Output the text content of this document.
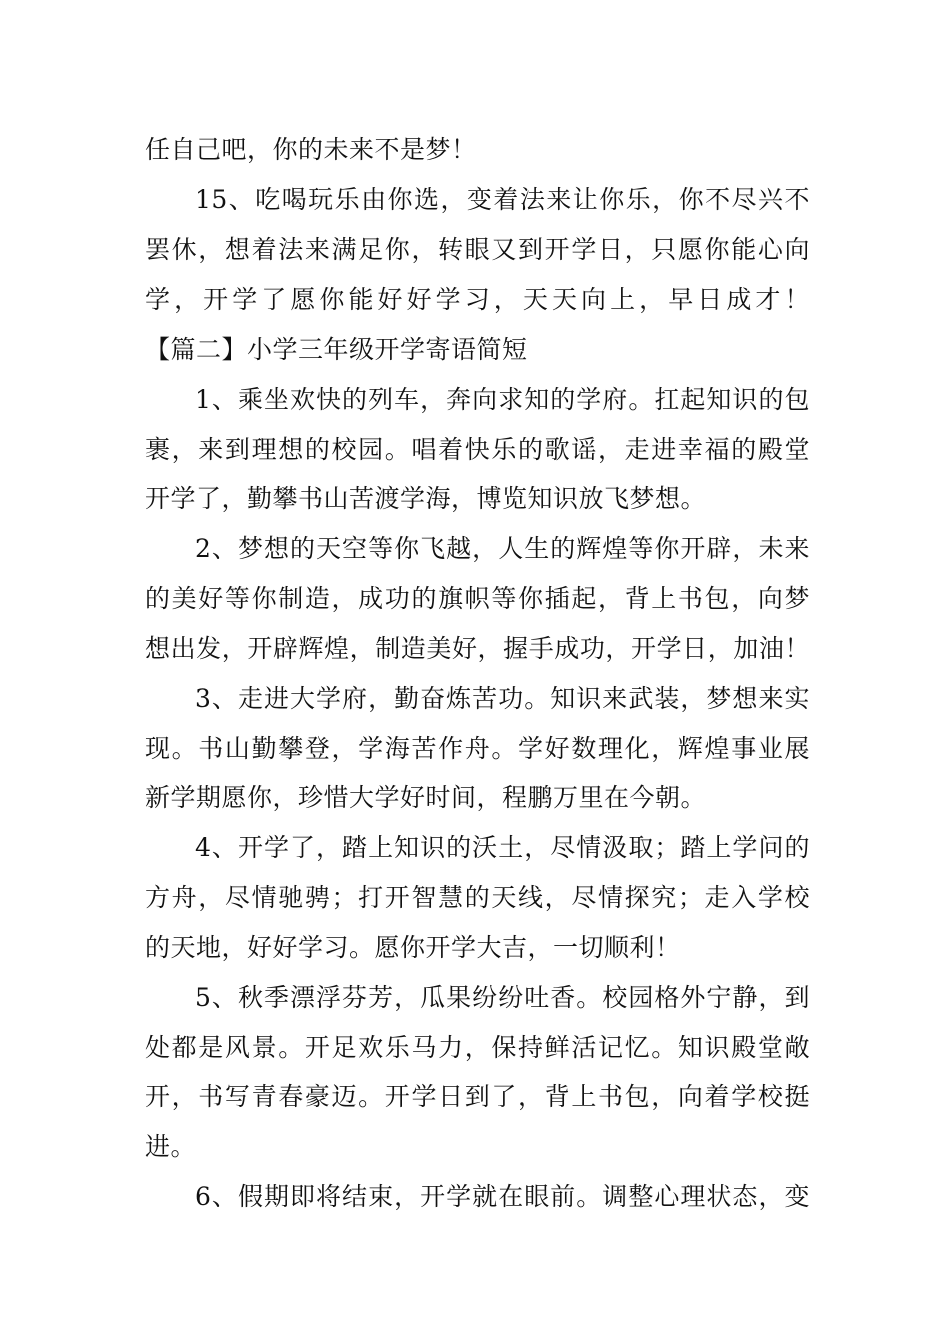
任自己吧，你的未来不是梦！
15、吃喝玩乐由你选，变着法来让你乐，你不尽兴不
罢休，想着法来满足你，转眼又到开学日，只愿你能心向
学，开学了愿你能好好学习，天天向上，早日成才！
【篇二】小学三年级开学寄语简短
1、乘坐欢快的列车，奔向求知的学府。扛起知识的包
裹，来到理想的校园。唱着快乐的歌谣，走进幸福的殿堂
开学了，勤攀书山苦渡学海，博览知识放飞梦想。
2、梦想的天空等你飞越，人生的辉煌等你开辟，未来
的美好等你制造，成功的旗帜等你插起，背上书包，向梦
想出发，开辟辉煌，制造美好，握手成功，开学日，加油！
3、走进大学府，勤奋炼苦功。知识来武装，梦想来实
现。书山勤攀登，学海苦作舟。学好数理化，辉煌事业展
新学期愿你，珍惜大学好时间，程鹏万里在今朝。
4、开学了，踏上知识的沃土，尽情汲取；踏上学问的
方舟，尽情驰骋；打开智慧的天线，尽情探究；走入学校
的天地，好好学习。愿你开学大吉，一切顺利！
5、秋季漂浮芬芳，瓜果纷纷吐香。校园格外宁静，到
处都是风景。开足欢乐马力，保持鲜活记忆。知识殿堂敞
开，书写青春豪迈。开学日到了，背上书包，向着学校挺
进。
6、假期即将结束，开学就在眼前。调整心理状态，变
